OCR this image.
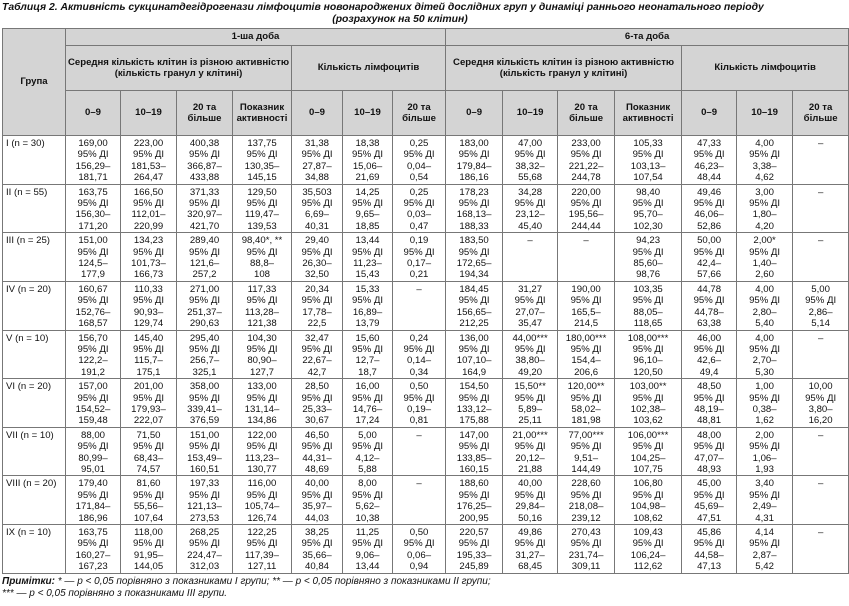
Таблиця 2. Активність сукцинатдегідрогенази лімфоцитів новонароджених дітей дослідних груп у динаміці раннього неонатального періоду
(розрахунок на 50 клітин)
Група	1-ша доба							6-та доба						
	Середня кількість клітин із різною активністю (кількість гранул у клітині)				Кількість лімфоцитів			Середня кількість клітин із різною активністю (кількість гранул у клітині)				Кількість лімфоцитів		
	0–9	10–19	20 та більше	Показник активності	0–9	10–19	20 та більше	0–9	10–19	20 та більше	Показник активності	0–9	10–19	20 та більше
І (n = 30)	169,00
95% ДІ
156,29–
181,71	223,00
95% ДІ
181,53–
264,47	400,38
95% ДІ
366,87–
433,88	137,75
95% ДІ
130,35–
145,15	31,38
95% ДІ
27,87–
34,88	18,38
95% ДІ
15,06–
21,69	0,25
95% ДІ
0,04–
0,54	183,00
95% ДІ
179,84–
186,16	47,00
95% ДІ
38,32–
55,68	233,00
95% ДІ
221,22–
244,78	105,33
95% ДІ
103,13–
107,54	47,33
95% ДІ
46,23–
48,44	4,00
95% ДІ
3,38–
4,62	–
ІІ (n = 55)	163,75
95% ДІ
156,30–
171,20	166,50
95% ДІ
112,01–
220,99	371,33
95% ДІ
320,97–
421,70	129,50
95% ДІ
119,47–
139,53	35,503
95% ДІ
6,69–
40,31	14,25
95% ДІ
9,65–
18,85	0,25
95% ДІ
0,03–
0,47	178,23
95% ДІ
168,13–
188,33	34,28
95% ДІ
23,12–
45,40	220,00
95% ДІ
195,56–
244,44	98,40
95% ДІ
95,70–
102,30	49,46
95% ДІ
46,06–
52,86	3,00
95% ДІ
1,80–
4,20	–
ІІІ (n = 25)	151,00
95% ДІ
124,5–
177,9	134,23
95% ДІ
101,73–
166,73	289,40
95% ДІ
121,6–
257,2	98,40*, **
95% ДІ
88,8–
108	29,40
95% ДІ
26,30–
32,50	13,44
95% ДІ
11,23–
15,43	0,19
95% ДІ
0,17–
0,21	183,50
95% ДІ
172,65–
194,34	–	–	94,23
95% ДІ
85,60–
98,76	50,00
95% ДІ
42,4–
57,66	2,00*
95% ДІ
1,40–
2,60	–
IV (n = 20)	160,67
95% ДІ
152,76–
168,57	110,33
95% ДІ
90,93–
129,74	271,00
95% ДІ
251,37–
290,63	117,33
95% ДІ
113,28–
121,38	20,34
95% ДІ
17,78–
22,5	15,33
95% ДІ
16,89–
13,79	–	184,45
95% ДІ
156,65–
212,25	31,27
95% ДІ
27,07–
35,47	190,00
95% ДІ
165,5–
214,5	103,35
95% ДІ
88,05–
118,65	44,78
95% ДІ
44,78–
63,38	4,00
95% ДІ
2,80–
5,40	5,00
95% ДІ
2,86–
5,14
V (n = 10)	156,70
95% ДІ
122,2–
191,2	145,40
95% ДІ
115,7–
175,1	295,40
95% ДІ
256,7–
325,1	104,30
95% ДІ
80,90–
127,7	32,47
95% ДІ
22,67–
42,7	15,60
95% ДІ
12,7–
18,7	0,24
95% ДІ
0,14–
0,34	136,00
95% ДІ
107,10–
164,9	44,00***
95% ДІ
38,80–
49,20	180,00***
95% ДІ
154,4–
206,6	108,00***
95% ДІ
96,10–
120,50	46,00
95% ДІ
42,6–
49,4	4,00
95% ДІ
2,70–
5,30	–
VI (n = 20)	157,00
95% ДІ
154,52–
159,48	201,00
95% ДІ
179,93–
222,07	358,00
95% ДІ
339,41–
376,59	133,00
95% ДІ
131,14–
134,86	28,50
95% ДІ
25,33–
30,67	16,00
95% ДІ
14,76–
17,24	0,50
95% ДІ
0,19–
0,81	154,50
95% ДІ
133,12–
175,88	15,50**
95% ДІ
5,89–
25,11	120,00**
95% ДІ
58,02–
181,98	103,00**
95% ДІ
102,38–
103,62	48,50
95% ДІ
48,19–
48,81	1,00
95% ДІ
0,38–
1,62	10,00
95% ДІ
3,80–
16,20
VII (n = 10)	88,00
95% ДІ
80,99–
95,01	71,50
95% ДІ
68,43–
74,57	151,00
95% ДІ
153,49–
160,51	122,00
95% ДІ
113,23–
130,77	46,50
95% ДІ
44,31–
48,69	5,00
95% ДІ
4,12–
5,88	–	147,00
95% ДІ
133,85–
160,15	21,00***
95% ДІ
20,12–
21,88	77,00***
95% ДІ
9,51–
144,49	106,00***
95% ДІ
104,25–
107,75	48,00
95% ДІ
47,07–
48,93	2,00
95% ДІ
1,06–
1,93	–
VIII (n = 20)	179,40
95% ДІ
171,84–
186,96	81,60
95% ДІ
55,56–
107,64	197,33
95% ДІ
121,13–
273,53	116,00
95% ДІ
105,74–
126,74	40,00
95% ДІ
35,97–
44,03	8,00
95% ДІ
5,62–
10,38	–	188,60
95% ДІ
176,25–
200,95	40,00
95% ДІ
29,84–
50,16	228,60
95% ДІ
218,08–
239,12	106,80
95% ДІ
104,98–
108,62	45,00
95% ДІ
45,69–
47,51	3,40
95% ДІ
2,49–
4,31	–
IX (n = 10)	163,75
95% ДІ
160,27–
167,23	118,00
95% ДІ
91,95–
144,05	268,25
95% ДІ
224,47–
312,03	122,25
95% ДІ
117,39–
127,11	38,25
95% ДІ
35,66–
40,84	11,25
95% ДІ
9,06–
13,44	0,50
95% ДІ
0,06–
0,94	220,57
95% ДІ
195,33–
245,89	49,86
95% ДІ
31,27–
68,45	270,43
95% ДІ
231,74–
309,11	109,43
95% ДІ
106,24–
112,62	45,86
95% ДІ
44,58–
47,13	4,14
95% ДІ
2,87–
5,42	–
Примітки: * — р < 0,05 порівняно з показниками І групи; ** — р < 0,05 порівняно з показниками ІІ групи;
*** — р < 0,05 порівняно з показниками ІІІ групи.
